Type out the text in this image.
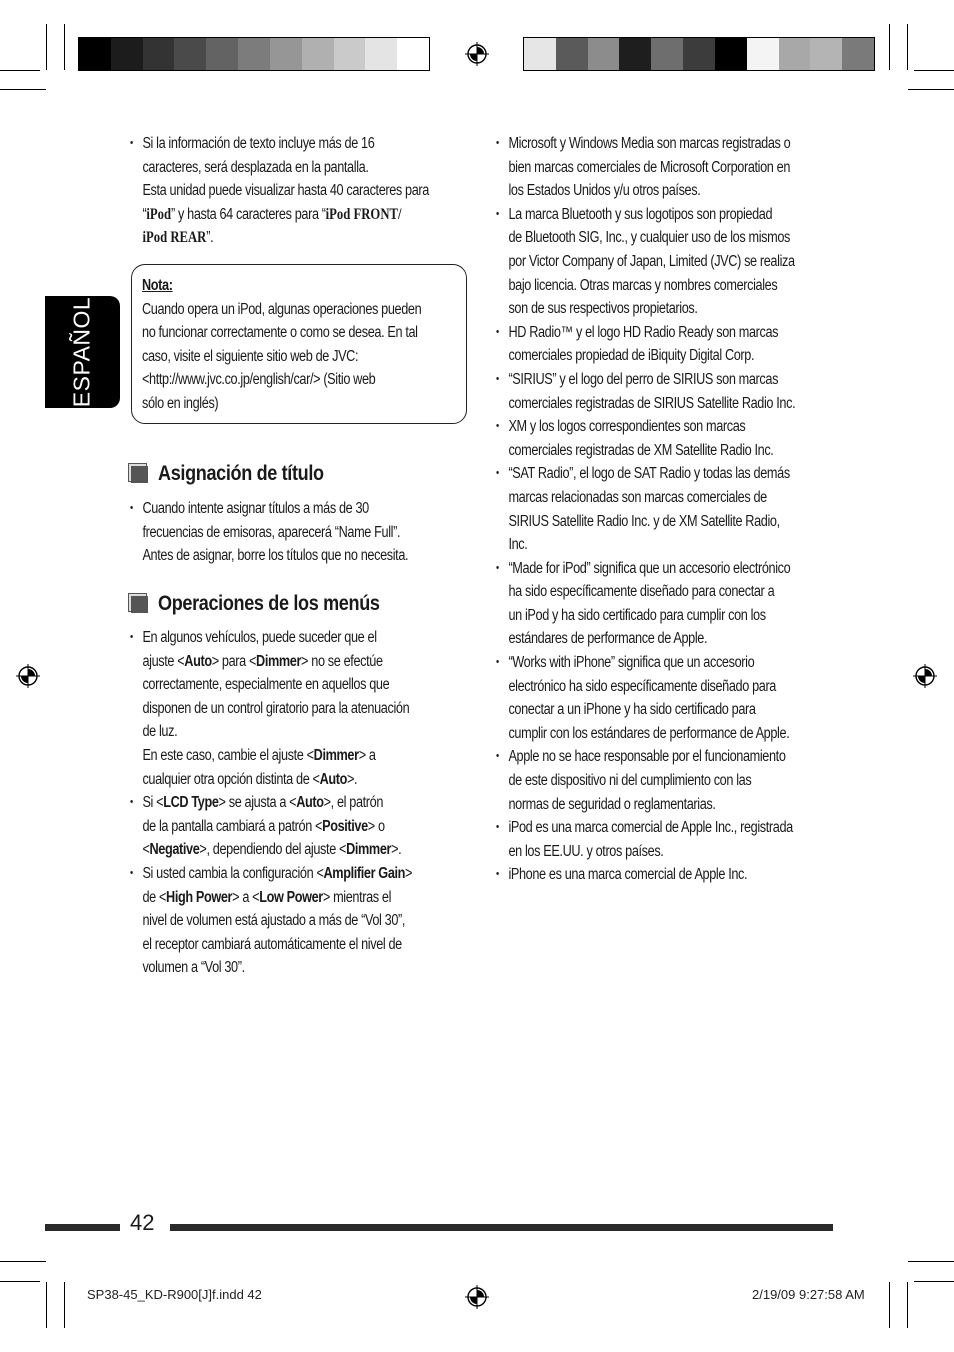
ESPAÑOL
• Si la información de texto incluye más de 16
caracteres, será desplazada en la pantalla.
Esta unidad puede visualizar hasta 40 caracteres para
“iPod” y hasta 64 caracteres para “iPod FRONT/
iPod REAR”.
Nota:
Cuando opera un iPod, algunas operaciones pueden
no funcionar correctamente o como se desea. En tal
caso, visite el siguiente sitio web de JVC:
<http://www.jvc.co.jp/english/car/> (Sitio web
sólo en inglés)
Asignación de título
• Cuando intente asignar títulos a más de 30
frecuencias de emisoras, aparecerá “Name Full”.
Antes de asignar, borre los títulos que no necesita.
Operaciones de los menús
• En algunos vehículos, puede suceder que el
ajuste <Auto> para <Dimmer> no se efectúe
correctamente, especialmente en aquellos que
disponen de un control giratorio para la atenuación
de luz.
En este caso, cambie el ajuste <Dimmer> a
cualquier otra opción distinta de <Auto>.
• Si <LCD Type> se ajusta a <Auto>, el patrón
de la pantalla cambiará a patrón <Positive> o
<Negative>, dependiendo del ajuste <Dimmer>.
• Si usted cambia la configuración <Amplifier Gain>
de <High Power> a <Low Power> mientras el
nivel de volumen está ajustado a más de “Vol 30”,
el receptor cambiará automáticamente el nivel de
volumen a “Vol 30”.
• Microsoft y Windows Media son marcas registradas o
bien marcas comerciales de Microsoft Corporation en
los Estados Unidos y/u otros países.
• La marca Bluetooth y sus logotipos son propiedad
de Bluetooth SIG, Inc., y cualquier uso de los mismos
por Victor Company of Japan, Limited (JVC) se realiza
bajo licencia. Otras marcas y nombres comerciales
son de sus respectivos propietarios.
• HD Radio™ y el logo HD Radio Ready son marcas
comerciales propiedad de iBiquity Digital Corp.
• “SIRIUS” y el logo del perro de SIRIUS son marcas
comerciales registradas de SIRIUS Satellite Radio Inc.
• XM y los logos correspondientes son marcas
comerciales registradas de XM Satellite Radio Inc.
• “SAT Radio”, el logo de SAT Radio y todas las demás
marcas relacionadas son marcas comerciales de
SIRIUS Satellite Radio Inc. y de XM Satellite Radio,
Inc.
• “Made for iPod” significa que un accesorio electrónico
ha sido específicamente diseñado para conectar a
un iPod y ha sido certificado para cumplir con los
estándares de performance de Apple.
• “Works with iPhone” significa que un accesorio
electrónico ha sido específicamente diseñado para
conectar a un iPhone y ha sido certificado para
cumplir con los estándares de performance de Apple.
• Apple no se hace responsable por el funcionamiento
de este dispositivo ni del cumplimiento con las
normas de seguridad o reglamentarias.
• iPod es una marca comercial de Apple Inc., registrada
en los EE.UU. y otros países.
• iPhone es una marca comercial de Apple Inc.
42
SP38-45_KD-R900[J]f.indd 42	2/19/09 9:27:58 AM
